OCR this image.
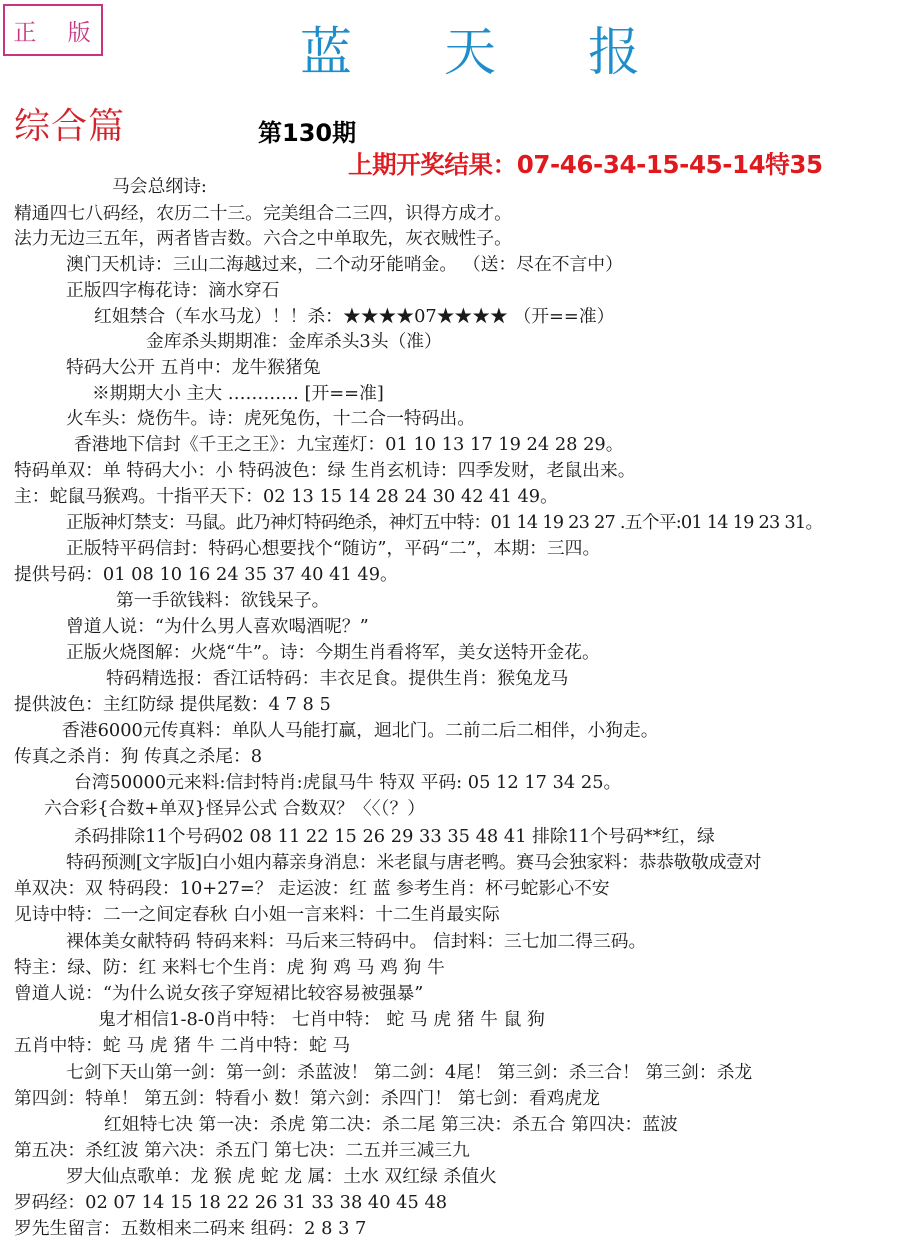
正 版	蓝 天 报
综合篇	第130期
上期开奖结果：07-46-34-15-45-14特35
马会总纲诗:
精通四七八码经，农历二十三。完美组合二三四，识得方成才。
法力无边三五年，两者皆吉数。六合之中单取先，灰衣贼性子。
澳门天机诗：三山二海越过来，二个动牙能哨金。 （送：尽在不言中）
正版四字梅花诗：滴水穿石
红姐禁合（车水马龙）！！杀：★★★★07★★★★ （开==准）
金库杀头期期准：金库杀头3头（准）
特码大公开 五肖中：龙牛猴猪兔
※期期大小 主大 ………… [开==准]
火车头：烧伤牛。诗：虎死兔伤，十二合一特码出。
香港地下信封《千王之王》：九宝莲灯：01 10 13 17 19 24 28 29。
特码单双：单 特码大小：小 特码波色：绿 生肖玄机诗：四季发财，老鼠出来。
主：蛇鼠马猴鸡。十指平天下：02 13 15 14 28 24 30 42 41 49。
正版神灯禁支：马鼠。此乃神灯特码绝杀，神灯五中特：01 14 19 23 27 .五个平:01 14 19 23 31。
正版特平码信封：特码心想要找个“随访”，平码“二”，本期：三四。
提供号码：01 08 10 16 24 35 37 40 41 49。
第一手欲钱料：欲钱呆子。
曾道人说：“为什么男人喜欢喝酒呢？”
正版火烧图解：火烧“牛”。诗：今期生肖看将军，美女送特开金花。
特码精选报：香江话特码：丰衣足食。提供生肖：猴兔龙马
提供波色：主红防绿 提供尾数：4 7 8 5
香港6000元传真料：单队人马能打赢，迴北门。二前二后二相伴，小狗走。
传真之杀肖：狗 传真之杀尾：8
台湾50000元来料:信封特肖:虎鼠马牛 特双 平码: 05 12 17 34 25。
六合彩{合数+单双}怪异公式 合数双？〈〈（？）
杀码排除11个号码02 08 11 22 15 26 29 33 35 48 41 排除11个号码**红，绿
特码预测[文字版]白小姐内幕亲身消息：米老鼠与唐老鸭。赛马会独家料：恭恭敬敬成壹对
单双决：双 特码段：10+27=？ 走运波：红 蓝 参考生肖：杯弓蛇影心不安
见诗中特：二一之间定春秋 白小姐一言来料：十二生肖最实际
裸体美女献特码 特码来料：马后来三特码中。 信封料：三七加二得三码。
特主：绿、防：红 来料七个生肖：虎 狗 鸡 马 鸡 狗 牛
曾道人说：“为什么说女孩子穿短裙比较容易被强暴”
鬼才相信1-8-0肖中特： 七肖中特： 蛇 马 虎 猪 牛 鼠 狗
五肖中特：蛇 马 虎 猪 牛 二肖中特：蛇 马
七剑下天山第一剑：第一剑：杀蓝波！ 第二剑：4尾！ 第三剑：杀三合！ 第三剑：杀龙
第四剑：特单！ 第五剑：特看小 数！第六剑：杀四门！ 第七剑：看鸡虎龙
红姐特七决 第一决：杀虎 第二决：杀二尾 第三决：杀五合 第四决：蓝波
第五决：杀红波 第六决：杀五门 第七决：二五并三减三九
罗大仙点歌单：龙 猴 虎 蛇 龙 属：土水 双红绿 杀值火
罗码经：02 07 14 15 18 22 26 31 33 38 40 45 48
罗先生留言：五数相来二码来 组码：2 8 3 7
